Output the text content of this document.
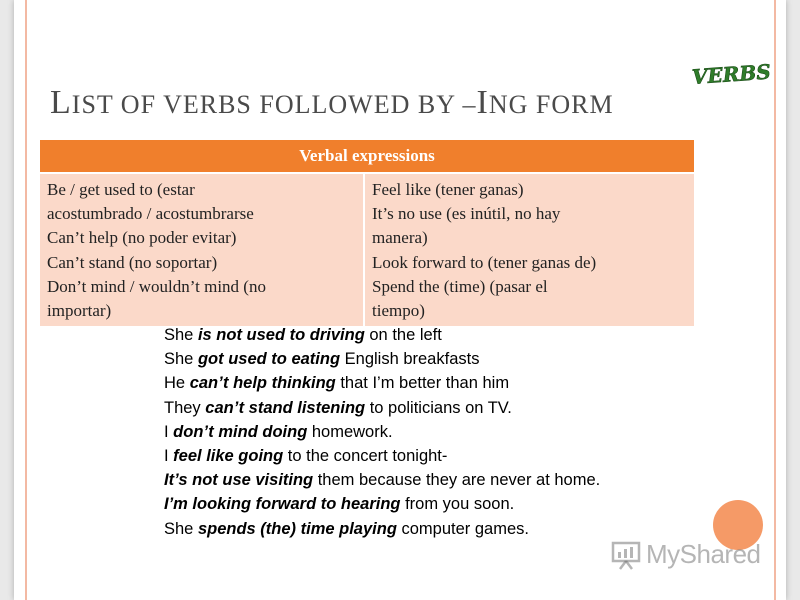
LIST OF VERBS FOLLOWED BY –ING FORM
VERBS
Verbal expressions
Be / get used to (estar
acostumbrado / acostumbrarse
Can’t help (no poder evitar)
Can’t stand (no soportar)
Don’t mind / wouldn’t mind (no
importar)
Feel like (tener ganas)
It’s no use (es inútil, no hay
manera)
Look forward to (tener ganas de)
Spend the (time) (pasar el
tiempo)
She is not used to driving on the left
She got used to eating English breakfasts
He can’t help thinking that I’m better than him
They can’t stand listening to politicians on TV.
I don’t mind doing homework.
I feel like going to the concert tonight-
It’s not use visiting them because they are never at home.
I’m looking forward to hearing from you soon.
She spends (the) time playing computer games.
MyShared
